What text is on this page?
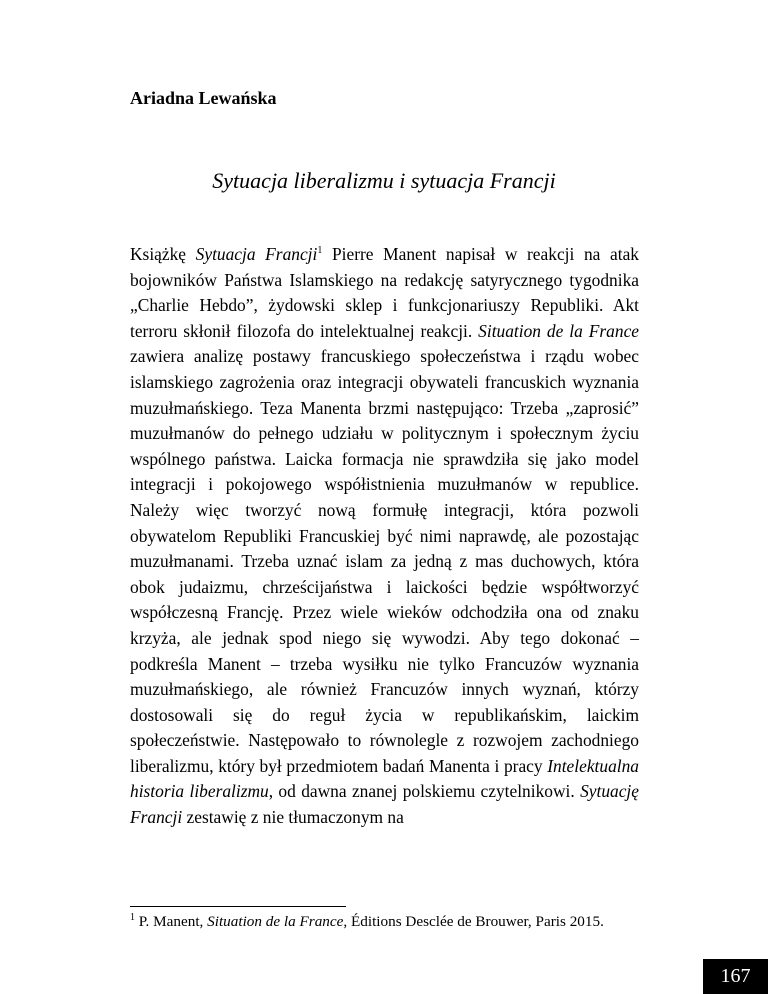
Ariadna Lewańska
Sytuacja liberalizmu i sytuacja Francji

Książkę Sytuacja Francji$^1$ Pierre Manent napisał w reakcji na atak bojowników Państwa Islamskiego na redakcję satyrycznego tygodnika „Charlie Hebdo”, żydowski sklep i funkcjonariuszy Republiki. Akt terroru skłonił filozofa do intelektualnej reakcji. Situation de la France zawiera analizę postawy francuskiego społeczeństwa i rządu wobec islamskiego zagrożenia oraz integracji obywateli francuskich wyznania muzułmańskiego. Teza Manenta brzmi następująco: Trzeba „zaprosić” muzułmanów do pełnego udziału w politycznym i społecznym życiu wspólnego państwa. Laicka formacja nie sprawdziła się jako model integracji i pokojowego współistnienia muzułmanów w republice. Należy więc tworzyć nową formułę integracji, która pozwoli obywatelom Republiki Francuskiej być nimi naprawdę, ale pozostając muzułmanami. Trzeba uznać islam za jedną z mas duchowych, która obok judaizmu, chrześcijaństwa i laickości będzie współtworzyć współczesną Francję. Przez wiele wieków odchodziła ona od znaku krzyża, ale jednak spod niego się wywodzi. Aby tego dokonać – podkreśla Manent – trzeba wysiłku nie tylko Francuzów wyznania muzułmańskiego, ale również Francuzów innych wyznań, którzy dostosowali się do reguł życia w republikańskim, laickim społeczeństwie. Następowało to równolegle z rozwojem zachodniego liberalizmu, który był przedmiotem badań Manenta i pracy Intelektualna historia liberalizmu, od dawna znanej polskiemu czytelnikowi. Sytuację Francji zestawię z nie tłumaczonym na

$^1$ P. Manent, Situation de la France, Éditions Desclée de Brouwer, Paris 2015.

167
